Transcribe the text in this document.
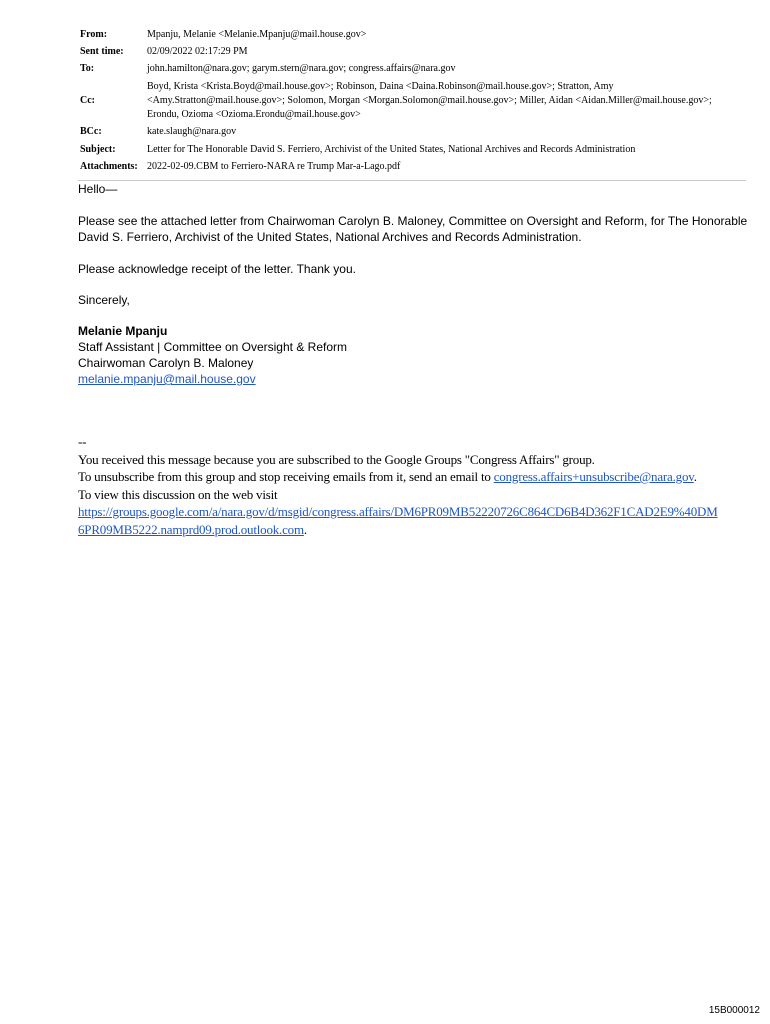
From:	Mpanju, Melanie <Melanie.Mpanju@mail.house.gov>
Sent time: 02/09/2022 02:17:29 PM
To:	john.hamilton@nara.gov; garym.stern@nara.gov; congress.affairs@nara.gov
Cc:
Boyd, Krista <Krista.Boyd@mail.house.gov>; Robinson, Daina <Daina.Robinson@mail.house.gov>; Stratton, Amy
<Amy.Stratton@mail.house.gov>; Solomon, Morgan <Morgan.Solomon@mail.house.gov>; Miller, Aidan <Aidan.Miller@mail.house.gov>;
Erondu, Ozioma <Ozioma.Erondu@mail.house.gov>
BCc:	kate.slaugh@nara.gov
Subject:	Letter for The Honorable David S. Ferriero, Archivist of the United States, National Archives and Records Administration
Attachments: 2022-02-09.CBM to Ferriero-NARA re Trump Mar-a-Lago.pdf
Hello—
Please see the attached letter from Chairwoman Carolyn B. Maloney, Committee on Oversight and Reform, for The Honorable
David S. Ferriero, Archivist of the United States, National Archives and Records Administration.
Please acknowledge receipt of the letter. Thank you.
Sincerely,
Melanie Mpanju
Staff Assistant | Committee on Oversight & Reform
Chairwoman Carolyn B. Maloney
melanie.mpanju@mail.house.gov
--
You received this message because you are subscribed to the Google Groups "Congress Affairs" group.
To unsubscribe from this group and stop receiving emails from it, send an email to congress.affairs+unsubscribe@nara.gov.
To view this discussion on the web visit
https://groups.google.com/a/nara.gov/d/msgid/congress.affairs/DM6PR09MB52220726C864CD6B4D362F1CAD2E9%40DM
6PR09MB5222.namprd09.prod.outlook.com.
15B000012
